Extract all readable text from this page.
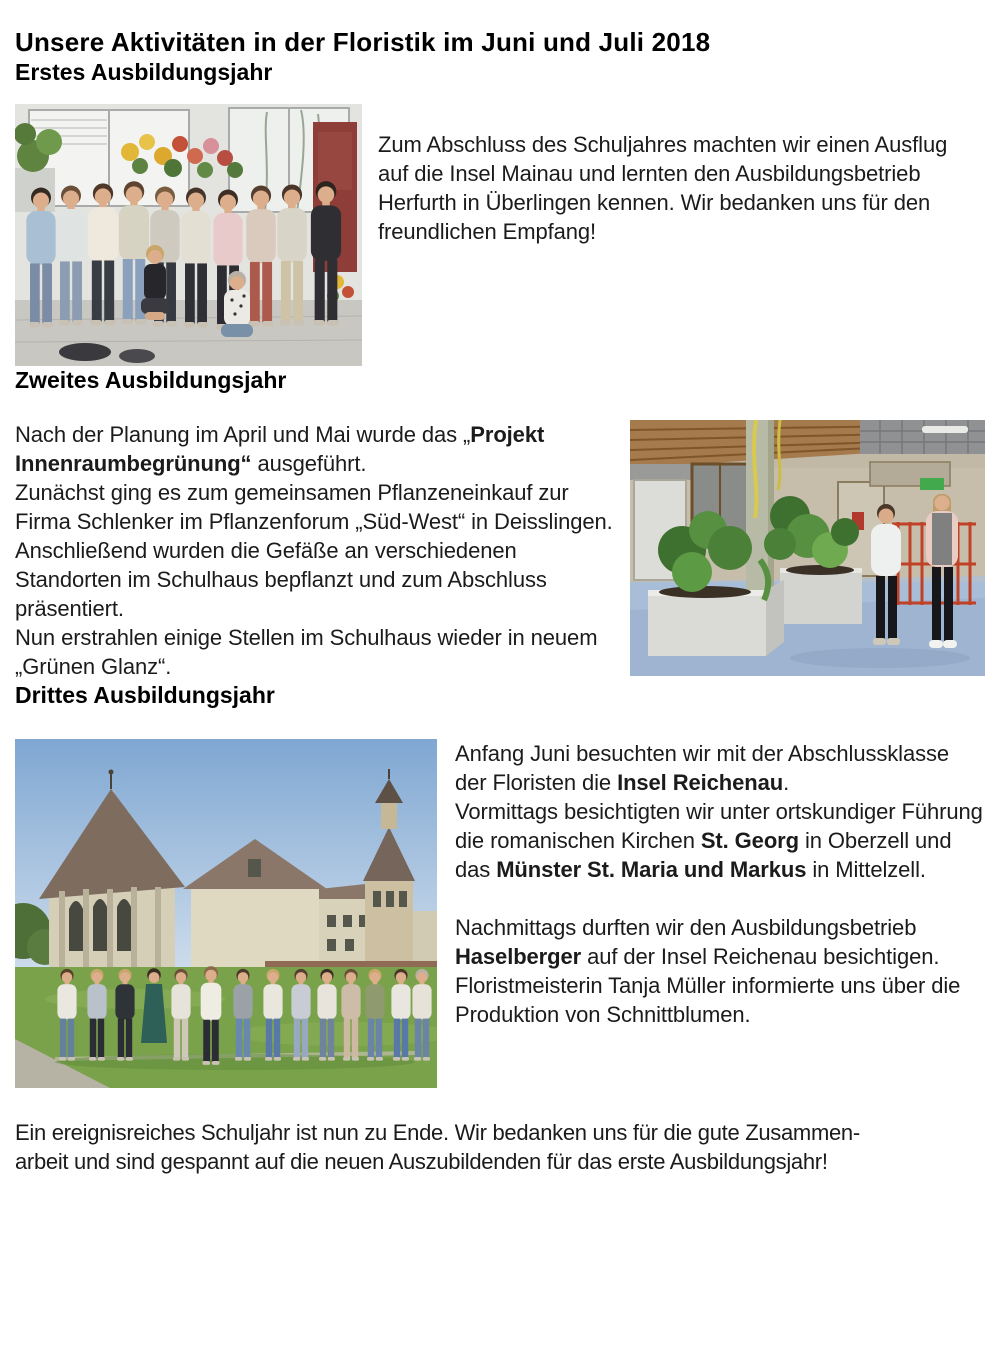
Unsere Aktivitäten in der Floristik im Juni und Juli 2018
Erstes Ausbildungsjahr

Zum Abschluss des Schuljahres machten wir einen Ausflug auf die Insel Mainau und lernten den Ausbildungsbetrieb Herfurth in Überlingen kennen. Wir bedanken uns für den freundlichen Empfang!

Zweites Ausbildungsjahr

Nach der Planung im April und Mai wurde das „Projekt Innenraumbegrünung“ ausgeführt.
Zunächst ging es zum gemeinsamen Pflanzeneinkauf zur Firma Schlenker im Pflanzenforum „Süd-West“ in Deisslingen. Anschließend wurden die Gefäße an verschiedenen Standorten im Schulhaus bepflanzt und zum Abschluss präsentiert.
Nun erstrahlen einige Stellen im Schulhaus wieder in neuem „Grünen Glanz“.

Drittes Ausbildungsjahr

Anfang Juni besuchten wir mit der Abschlussklasse der Floristen die Insel Reichenau.
Vormittags besichtigten wir unter ortskundiger Führung die romanischen Kirchen St. Georg in Oberzell und das Münster St. Maria und Markus in Mittelzell.

Nachmittags durften wir den Ausbildungsbetrieb Haselberger auf der Insel Reichenau besichtigen.
Floristmeisterin Tanja Müller informierte uns über die Produktion von Schnittblumen.

Ein ereignisreiches Schuljahr ist nun zu Ende. Wir bedanken uns für die gute Zusammen-
arbeit und sind gespannt auf die neuen Auszubildenden für das erste Ausbildungsjahr!
